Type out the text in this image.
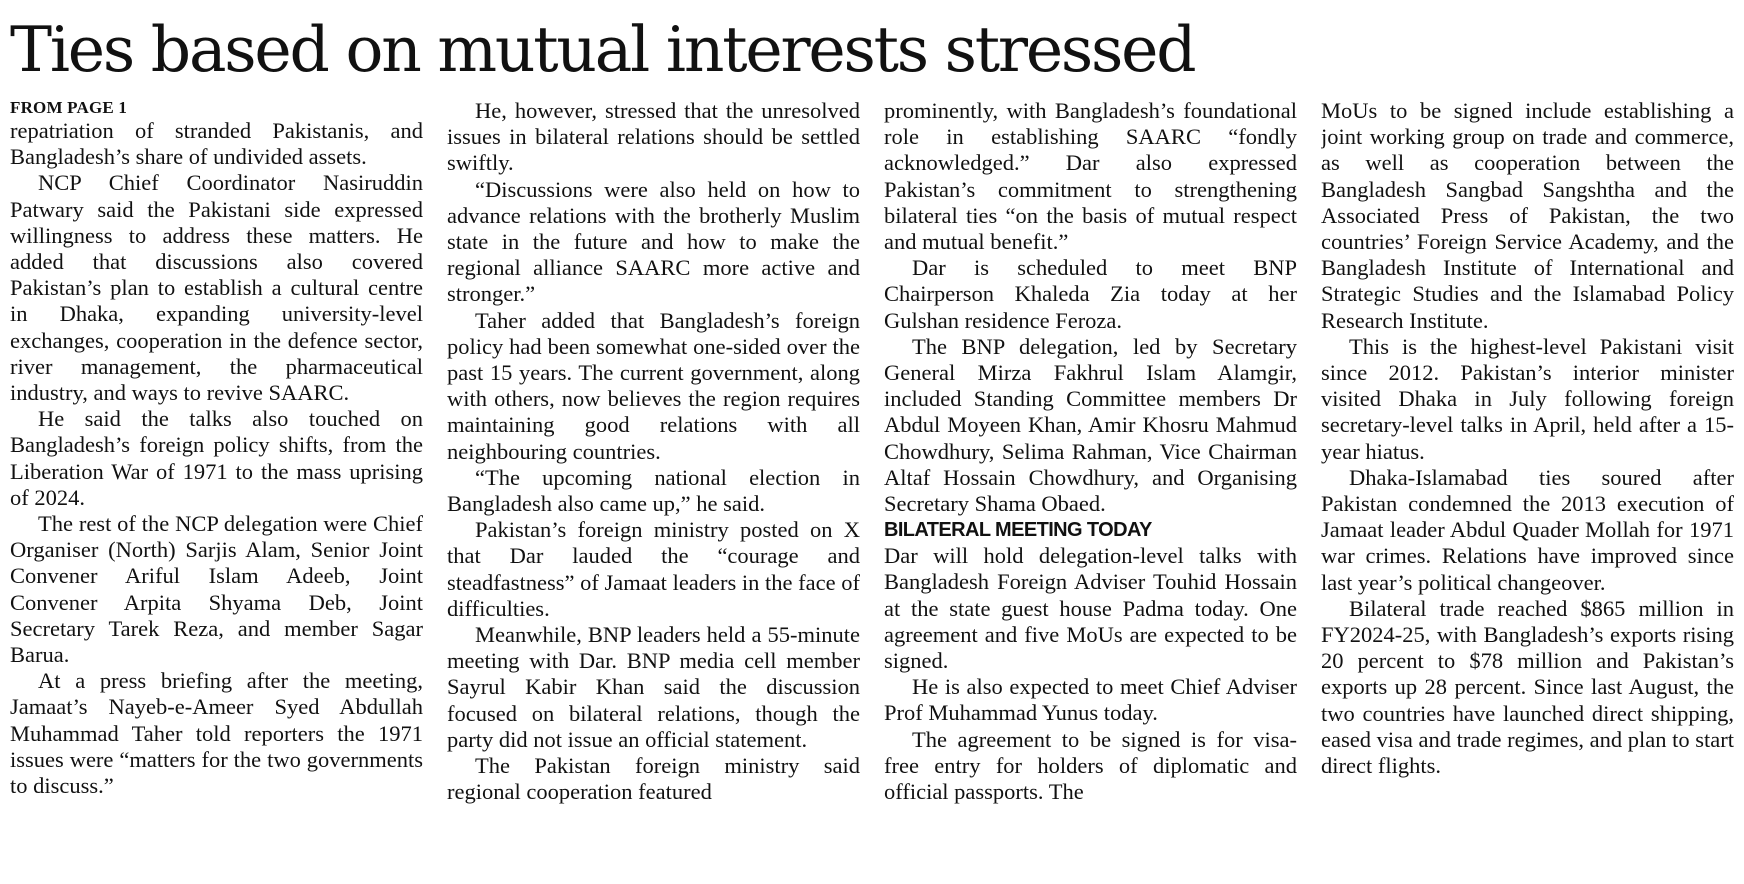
Ties based on mutual interests stressed
FROM PAGE 1

repatriation of stranded Pakistanis, and Bangladesh’s share of undivided assets.

NCP Chief Coordinator Nasiruddin Patwary said the Pakistani side expressed willingness to address these matters. He added that discussions also covered Pakistan’s plan to establish a cultural centre in Dhaka, expanding university-level exchanges, cooperation in the defence sector, river management, the pharmaceutical industry, and ways to revive SAARC.

He said the talks also touched on Bangladesh’s foreign policy shifts, from the Liberation War of 1971 to the mass uprising of 2024.

The rest of the NCP delegation were Chief Organiser (North) Sarjis Alam, Senior Joint Convener Ariful Islam Adeeb, Joint Convener Arpita Shyama Deb, Joint Secretary Tarek Reza, and member Sagar Barua.

At a press briefing after the meeting, Jamaat’s Nayeb-e-Ameer Syed Abdullah Muhammad Taher told reporters the 1971 issues were “matters for the two governments to discuss.”

He, however, stressed that the unresolved issues in bilateral relations should be settled swiftly.

“Discussions were also held on how to advance relations with the brotherly Muslim state in the future and how to make the regional alliance SAARC more active and stronger.”

Taher added that Bangladesh’s foreign policy had been somewhat one-sided over the past 15 years. The current government, along with others, now believes the region requires maintaining good relations with all neighbouring countries.

“The upcoming national election in Bangladesh also came up,” he said.

Pakistan’s foreign ministry posted on X that Dar lauded the “courage and steadfastness” of Jamaat leaders in the face of difficulties.

Meanwhile, BNP leaders held a 55-minute meeting with Dar. BNP media cell member Sayrul Kabir Khan said the discussion focused on bilateral relations, though the party did not issue an official statement.

The Pakistan foreign ministry said regional cooperation featured

prominently, with Bangladesh’s foundational role in establishing SAARC “fondly acknowledged.” Dar also expressed Pakistan’s commitment to strengthening bilateral ties “on the basis of mutual respect and mutual benefit.”

Dar is scheduled to meet BNP Chairperson Khaleda Zia today at her Gulshan residence Feroza.

The BNP delegation, led by Secretary General Mirza Fakhrul Islam Alamgir, included Standing Committee members Dr Abdul Moyeen Khan, Amir Khosru Mahmud Chowdhury, Selima Rahman, Vice Chairman Altaf Hossain Chowdhury, and Organising Secretary Shama Obaed.

BILATERAL MEETING TODAY

Dar will hold delegation-level talks with Bangladesh Foreign Adviser Touhid Hossain at the state guest house Padma today. One agreement and five MoUs are expected to be signed.

He is also expected to meet Chief Adviser Prof Muhammad Yunus today.

The agreement to be signed is for visa-free entry for holders of diplomatic and official passports. The

MoUs to be signed include establishing a joint working group on trade and commerce, as well as cooperation between the Bangladesh Sangbad Sangshtha and the Associated Press of Pakistan, the two countries’ Foreign Service Academy, and the Bangladesh Institute of International and Strategic Studies and the Islamabad Policy Research Institute.

This is the highest-level Pakistani visit since 2012. Pakistan’s interior minister visited Dhaka in July following foreign secretary-level talks in April, held after a 15-year hiatus.

Dhaka-Islamabad ties soured after Pakistan condemned the 2013 execution of Jamaat leader Abdul Quader Mollah for 1971 war crimes. Relations have improved since last year’s political changeover.

Bilateral trade reached $865 million in FY2024-25, with Bangladesh’s exports rising 20 percent to $78 million and Pakistan’s exports up 28 percent. Since last August, the two countries have launched direct shipping, eased visa and trade regimes, and plan to start direct flights.
